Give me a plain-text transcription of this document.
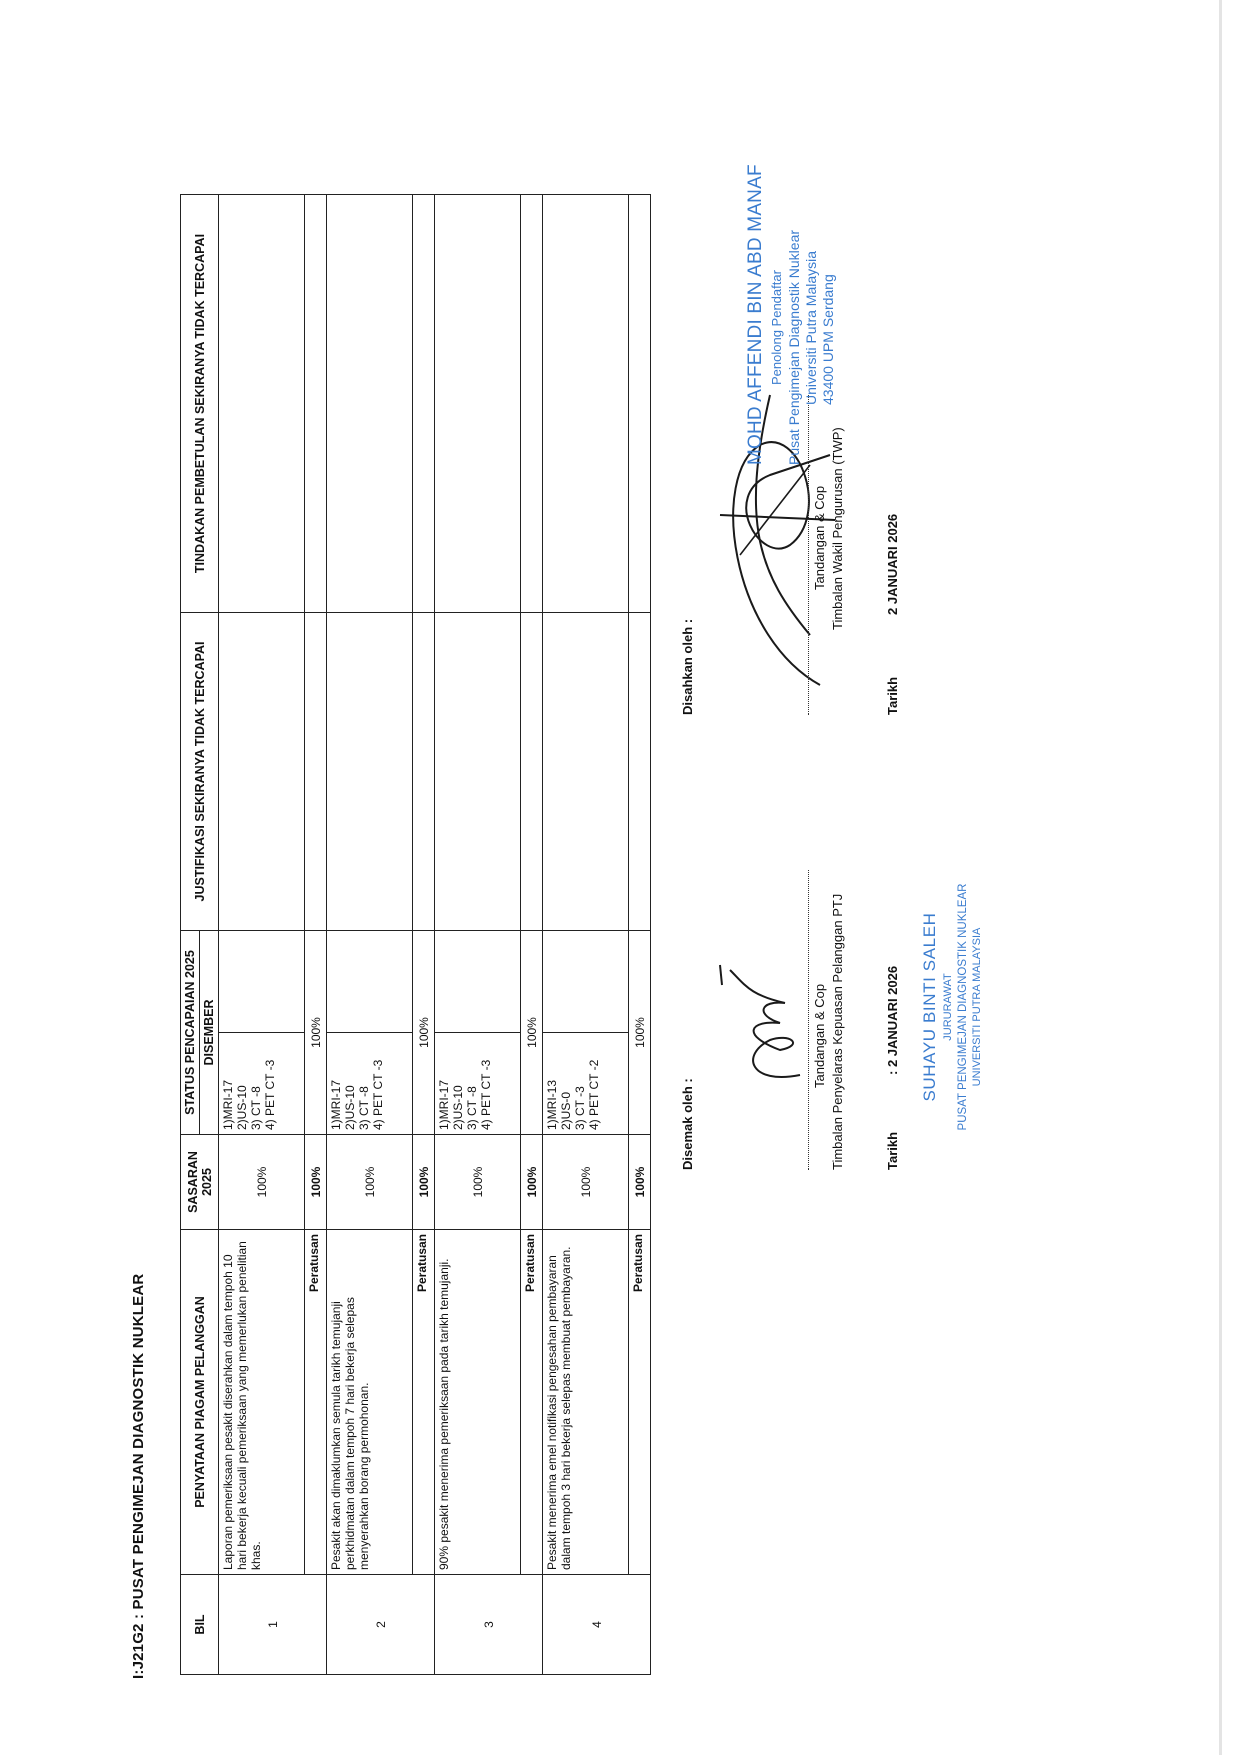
I:J21G2 : PUSAT PENGIMEJAN DIAGNOSTIK NUKLEAR	BIL	PENYATAAN PIAGAM PELANGGAN	SASARAN 2025	STATUS PENCAPAIAN 2025		JUSTIFIKASI SEKIRANYA TIDAK TERCAPAI	TINDAKAN PEMBETULAN SEKIRANYA TIDAK TERCAPAI
			DISEMBER			
1	Laporan pemeriksaan pesakit diserahkan dalam tempoh 10 hari bekerja kecuali pemeriksaan yang memerlukan penelitian khas.	100%	1)MRI-17
2)US-10
3) CT -8
4) PET CT -3			
	Peratusan	100%	100%			
2	Pesakit akan dimaklumkan semula tarikh temujanji perkhidmatan dalam tempoh 7 hari bekerja selepas menyerahkan borang permohonan.	100%	1)MRI-17
2)US-10
3) CT -8
4) PET CT -3			
	Peratusan	100%	100%			
3	90% pesakit menerima pemeriksaan pada tarikh temujanji.	100%	1)MRI-17
2)US-10
3) CT -8
4) PET CT -3			
	Peratusan	100%	100%			
4	Pesakit menerima emel notifikasi pengesahan pembayaran dalam tempoh 3 hari bekerja selepas membuat pembayaran.	100%	1)MRI-13
2)US-0
3) CT -3
4) PET CT -2			
	Peratusan	100%	100%			
Disemak oleh :
Tandangan & Cop Timbalan Penyelaras Kepuasan Pelanggan PTJ	Tarikh
: 2 JANUARI 2026 SUHAYU BINTI SALEH JURURAWAT PUSAT PENGIMEJAN DIAGNOSTIK NUKLEAR UNIVERSITI PUTRA MALAYSIA
Disahkan oleh :
Tandangan & Cop Timbalan Wakil Pengurusan (TWP)
Tarikh
2 JANUARI 2026
MOHD AFFENDI BIN ABD MANAF Penolong Pendaftar Pusat Pengimejan Diagnostik Nuklear Universiti Putra Malaysia 43400 UPM Serdang
